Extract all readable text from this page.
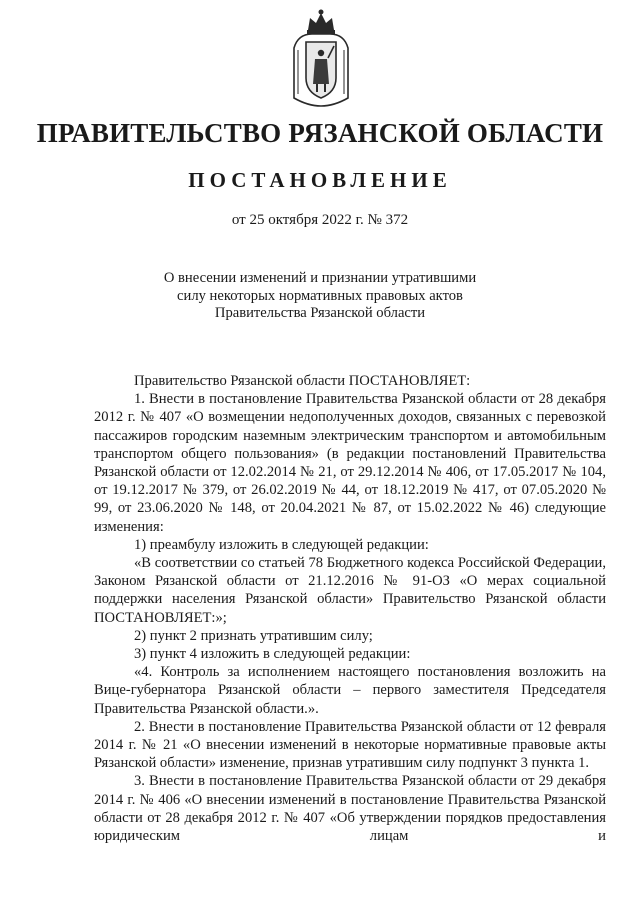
ПРАВИТЕЛЬСТВО РЯЗАНСКОЙ ОБЛАСТИ
ПОСТАНОВЛЕНИЕ
от 25 октября 2022 г. № 372
О внесении изменений и признании утратившими
силу некоторых нормативных правовых актов
Правительства Рязанской области

Правительство Рязанской области ПОСТАНОВЛЯЕТ:

1. Внести в постановление Правительства Рязанской области от 28 декабря 2012 г. № 407 «О возмещении недополученных доходов, связанных с перевозкой пассажиров городским наземным электрическим транспортом и автомобильным транспортом общего пользования» (в редакции постановлений Правительства Рязанской области от 12.02.2014 № 21, от 29.12.2014 № 406, от 17.05.2017 № 104, от 19.12.2017 № 379, от 26.02.2019 № 44, от 18.12.2019 № 417, от 07.05.2020 № 99, от 23.06.2020 № 148, от 20.04.2021 № 87, от 15.02.2022 № 46) следующие изменения:

1) преамбулу изложить в следующей редакции:

«В соответствии со статьей 78 Бюджетного кодекса Российской Федерации, Законом Рязанской области от 21.12.2016 № 91-ОЗ «О мерах социальной поддержки населения Рязанской области» Правительство Рязанской области ПОСТАНОВЛЯЕТ:»;

2) пункт 2 признать утратившим силу;

3) пункт 4 изложить в следующей редакции:

«4. Контроль за исполнением настоящего постановления возложить на Вице-губернатора Рязанской области – первого заместителя Председателя Правительства Рязанской области.».

2. Внести в постановление Правительства Рязанской области от 12 февраля 2014 г. № 21 «О внесении изменений в некоторые нормативные правовые акты Рязанской области» изменение, признав утратившим силу подпункт 3 пункта 1.

3. Внести в постановление Правительства Рязанской области от 29 декабря 2014 г. № 406 «О внесении изменений в постановление Правительства Рязанской области от 28 декабря 2012 г. № 407 «Об утверждении порядков предоставления юридическим лицам и
